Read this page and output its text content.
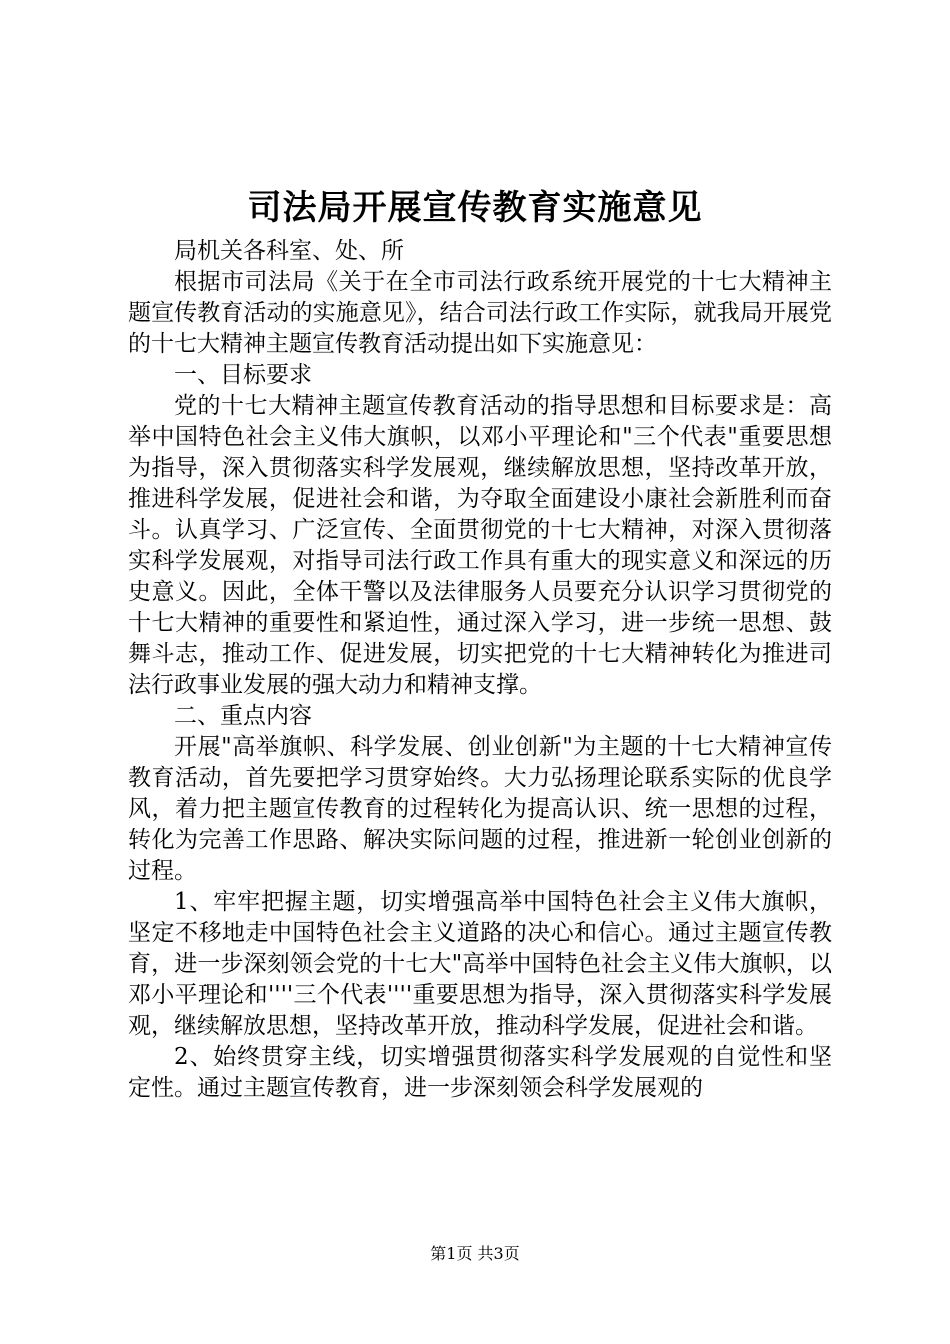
司法局开展宣传教育实施意见

局机关各科室、处、所

根据市司法局《关于在全市司法行政系统开展党的十七大精神主题宣传教育活动的实施意见》，结合司法行政工作实际，就我局开展党的十七大精神主题宣传教育活动提出如下实施意见：

一、目标要求

党的十七大精神主题宣传教育活动的指导思想和目标要求是：高举中国特色社会主义伟大旗帜，以邓小平理论和"三个代表"重要思想为指导，深入贯彻落实科学发展观，继续解放思想，坚持改革开放，推进科学发展，促进社会和谐，为夺取全面建设小康社会新胜利而奋斗。认真学习、广泛宣传、全面贯彻党的十七大精神，对深入贯彻落实科学发展观，对指导司法行政工作具有重大的现实意义和深远的历史意义。因此，全体干警以及法律服务人员要充分认识学习贯彻党的十七大精神的重要性和紧迫性，通过深入学习，进一步统一思想、鼓舞斗志，推动工作、促进发展，切实把党的十七大精神转化为推进司法行政事业发展的强大动力和精神支撑。

二、重点内容

开展"高举旗帜、科学发展、创业创新"为主题的十七大精神宣传教育活动，首先要把学习贯穿始终。大力弘扬理论联系实际的优良学风，着力把主题宣传教育的过程转化为提高认识、统一思想的过程，转化为完善工作思路、解决实际问题的过程，推进新一轮创业创新的过程。

1、牢牢把握主题，切实增强高举中国特色社会主义伟大旗帜，坚定不移地走中国特色社会主义道路的决心和信心。通过主题宣传教育，进一步深刻领会党的十七大"高举中国特色社会主义伟大旗帜，以邓小平理论和''''三个代表''''重要思想为指导，深入贯彻落实科学发展观，继续解放思想，坚持改革开放，推动科学发展，促进社会和谐。

2、始终贯穿主线，切实增强贯彻落实科学发展观的自觉性和坚定性。通过主题宣传教育，进一步深刻领会科学发展观的

第1页 共3页
